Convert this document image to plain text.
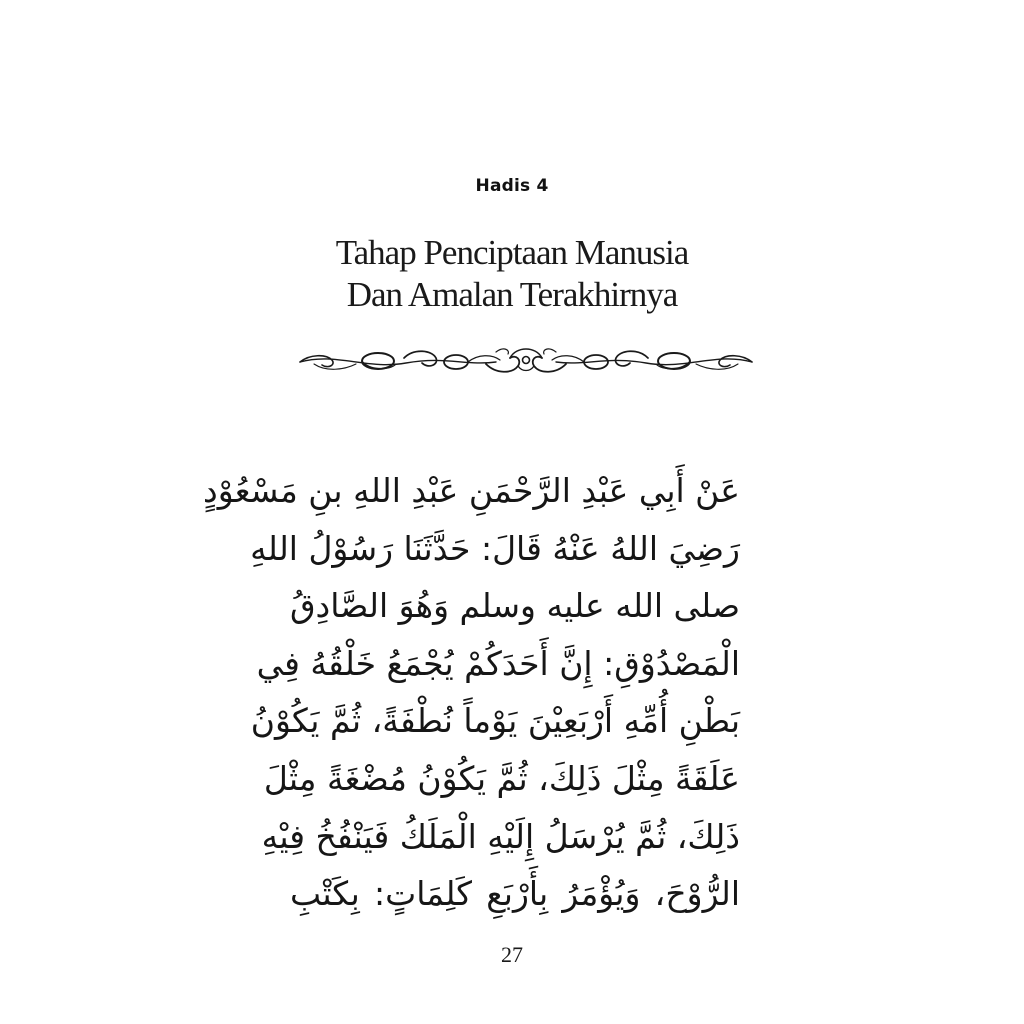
Hadis 4
Tahap Penciptaan Manusia
Dan Amalan Terakhirnya
عَنْ أَبِي عَبْدِ الرَّحْمَنِ عَبْدِ اللهِ بنِ مَسْعُوْدٍ
رَضِيَ اللهُ عَنْهُ قَالَ: حَدَّثَنَا رَسُوْلُ اللهِ
صلى الله عليه وسلم وَهُوَ الصَّادِقُ
الْمَصْدُوْقِ: إِنَّ أَحَدَكُمْ يُجْمَعُ خَلْقُهُ فِي
بَطْنِ أُمِّهِ أَرْبَعِيْنَ يَوْماً نُطْفَةً، ثُمَّ يَكُوْنُ
عَلَقَةً مِثْلَ ذَلِكَ، ثُمَّ يَكُوْنُ مُضْغَةً مِثْلَ
ذَلِكَ، ثُمَّ يُرْسَلُ إِلَيْهِ الْمَلَكُ فَيَنْفُخُ فِيْهِ
الرُّوْحَ، وَيُؤْمَرُ بِأَرْبَعِ كَلِمَاتٍ: بِكَتْبِ
27
